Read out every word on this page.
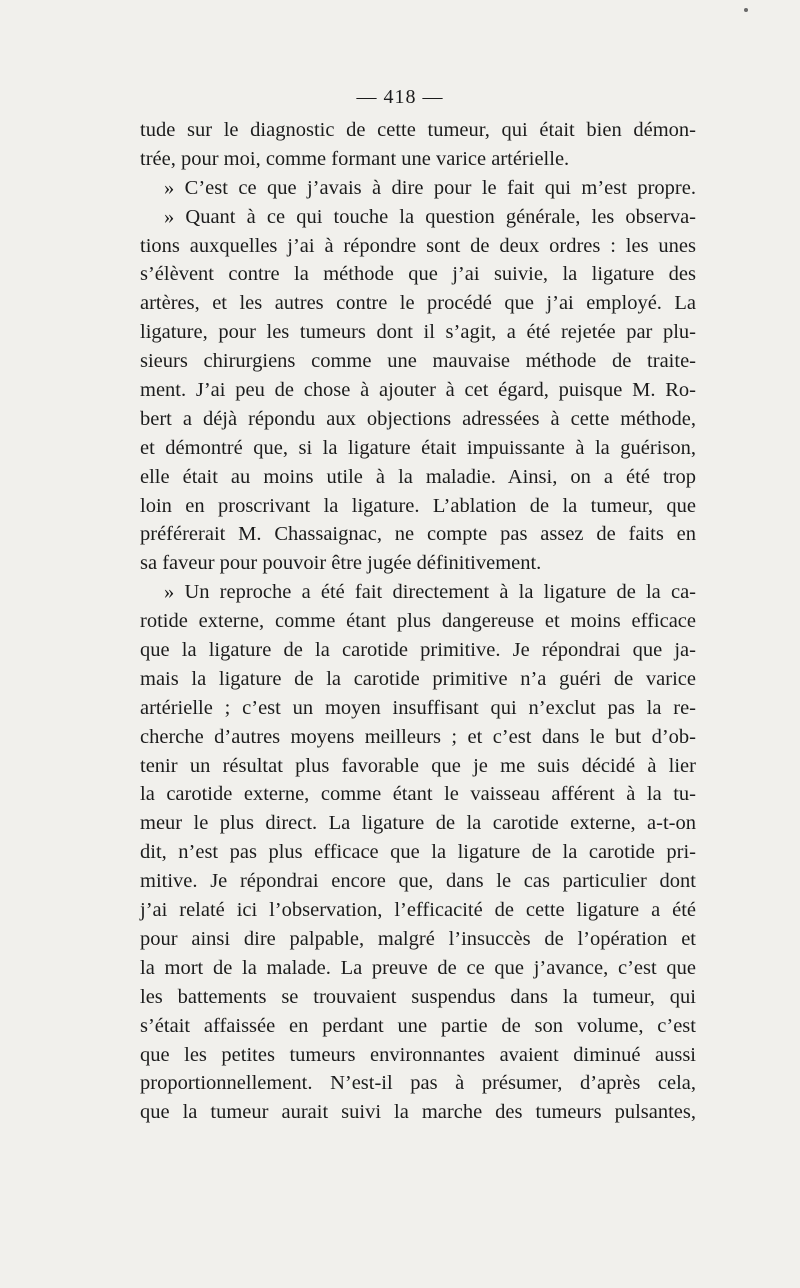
— 418 —
tude sur le diagnostic de cette tumeur, qui était bien démon-
trée, pour moi, comme formant une varice artérielle.
» C’est ce que j’avais à dire pour le fait qui m’est propre.
» Quant à ce qui touche la question générale, les observa-
tions auxquelles j’ai à répondre sont de deux ordres : les unes
s’élèvent contre la méthode que j’ai suivie, la ligature des
artères, et les autres contre le procédé que j’ai employé. La
ligature, pour les tumeurs dont il s’agit, a été rejetée par plu-
sieurs chirurgiens comme une mauvaise méthode de traite-
ment. J’ai peu de chose à ajouter à cet égard, puisque M. Ro-
bert a déjà répondu aux objections adressées à cette méthode,
et démontré que, si la ligature était impuissante à la guérison,
elle était au moins utile à la maladie. Ainsi, on a été trop
loin en proscrivant la ligature. L’ablation de la tumeur, que
préférerait M. Chassaignac, ne compte pas assez de faits en
sa faveur pour pouvoir être jugée définitivement.
» Un reproche a été fait directement à la ligature de la ca-
rotide externe, comme étant plus dangereuse et moins efficace
que la ligature de la carotide primitive. Je répondrai que ja-
mais la ligature de la carotide primitive n’a guéri de varice
artérielle ; c’est un moyen insuffisant qui n’exclut pas la re-
cherche d’autres moyens meilleurs ; et c’est dans le but d’ob-
tenir un résultat plus favorable que je me suis décidé à lier
la carotide externe, comme étant le vaisseau afférent à la tu-
meur le plus direct. La ligature de la carotide externe, a-t-on
dit, n’est pas plus efficace que la ligature de la carotide pri-
mitive. Je répondrai encore que, dans le cas particulier dont
j’ai relaté ici l’observation, l’efficacité de cette ligature a été
pour ainsi dire palpable, malgré l’insuccès de l’opération et
la mort de la malade. La preuve de ce que j’avance, c’est que
les battements se trouvaient suspendus dans la tumeur, qui
s’était affaissée en perdant une partie de son volume, c’est
que les petites tumeurs environnantes avaient diminué aussi
proportionnellement. N’est-il pas à présumer, d’après cela,
que la tumeur aurait suivi la marche des tumeurs pulsantes,
